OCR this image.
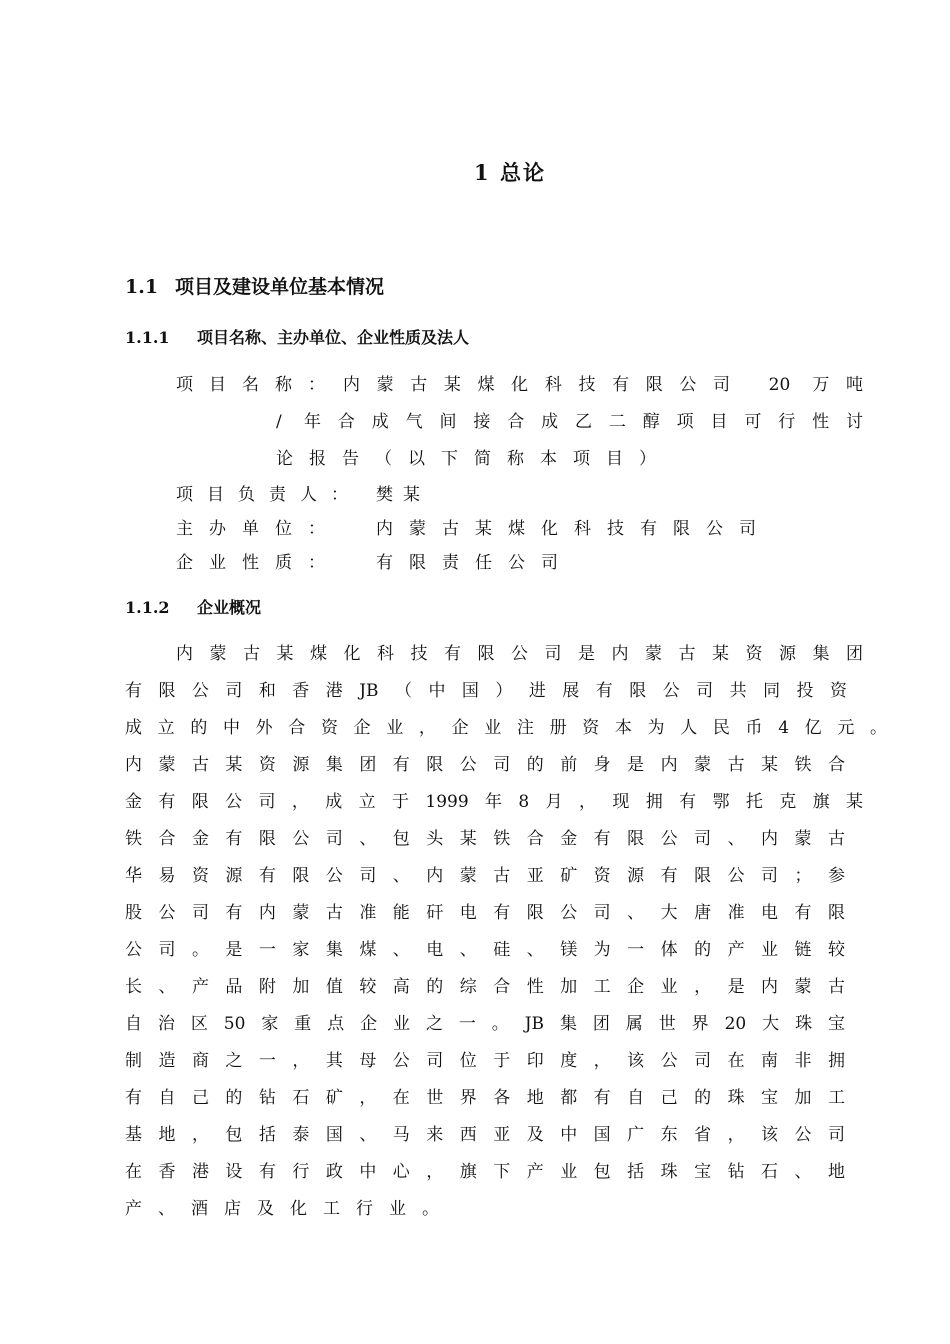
1 总论
1.1 项目及建设单位基本情况
1.1.1 项目名称、主办单位、企业性质及法人
项目名称： 内蒙古某煤化科技有限公司 20 万吨
/ 年合成气间接合成乙二醇项目可行性讨
论报告（以下简称本项目）
项目负责人： 樊某
主办单位： 内蒙古某煤化科技有限公司
企业性质： 有限责任公司
1.1.2 企业概况
内蒙古某煤化科技有限公司是内蒙古某资源集团
有限公司和香港JB（中国）进展有限公司共同投资
成立的中外合资企业，企业注册资本为人民币4亿元。
内蒙古某资源集团有限公司的前身是内蒙古某铁合
金有限公司，成立于1999年8月，现拥有鄂托克旗某
铁合金有限公司、包头某铁合金有限公司、内蒙古
华易资源有限公司、内蒙古亚矿资源有限公司；参
股公司有内蒙古准能矸电有限公司、大唐准电有限
公司。是一家集煤、电、硅、镁为一体的产业链较
长、产品附加值较高的综合性加工企业，是内蒙古
自治区50家重点企业之一。JB集团属世界20大珠宝
制造商之一，其母公司位于印度，该公司在南非拥
有自己的钻石矿，在世界各地都有自己的珠宝加工
基地，包括泰国、马来西亚及中国广东省，该公司
在香港设有行政中心，旗下产业包括珠宝钻石、地
产、酒店及化工行业。
